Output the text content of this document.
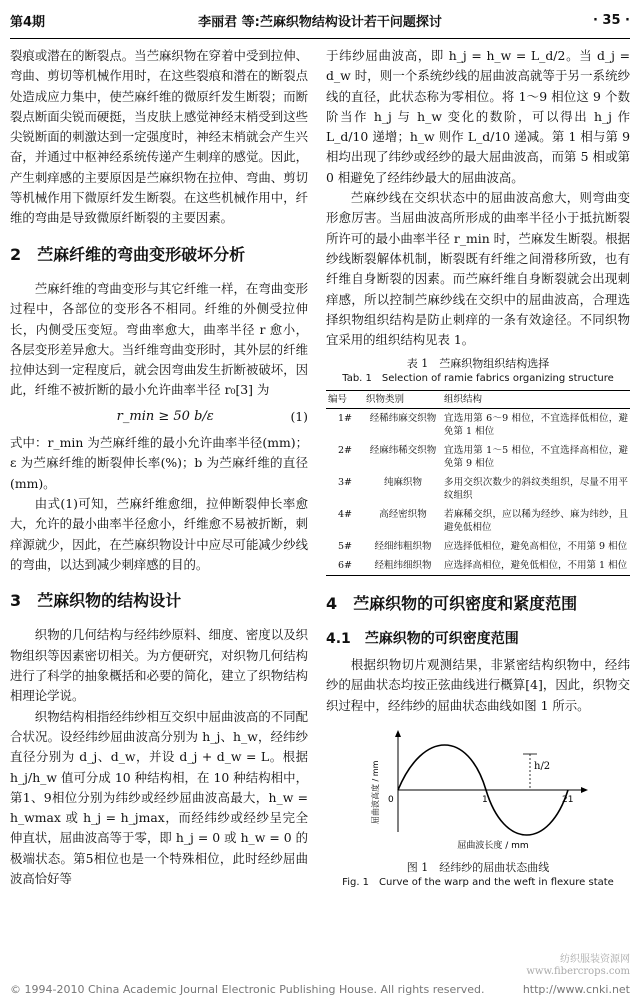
第4期	李丽君 等:苎麻织物结构设计若干问题探讨	· 35 ·

裂痕或潜在的断裂点。当苎麻织物在穿着中受到拉伸、弯曲、剪切等机械作用时，在这些裂痕和潜在的断裂点处造成应力集中，使苎麻纤维的微原纤发生断裂；而断裂点断面尖锐而硬挺，当皮肤上感觉神经末梢受到这些尖锐断面的刺激达到一定强度时，神经末梢就会产生兴奋，并通过中枢神经系统传递产生刺痒的感觉。因此，产生刺痒感的主要原因是苎麻织物在拉伸、弯曲、剪切等机械作用下微原纤发生断裂。在这些机械作用中，纤维的弯曲是导致微原纤断裂的主要因素。

2　苎麻纤维的弯曲变形破坏分析

苎麻纤维的弯曲变形与其它纤维一样，在弯曲变形过程中，各部位的变形各不相同。纤维的外侧受拉伸长，内侧受压变短。弯曲率愈大，曲率半径 r 愈小，各层变形差异愈大。当纤维弯曲变形时，其外层的纤维拉伸达到一定程度后，就会因弯曲发生折断被破坏，因此，纤维不被折断的最小允许曲率半径 r₀[3] 为

r_min ≥ 50 b/ε	(1)

式中：r_min 为苎麻纤维的最小允许曲率半径(mm)；ε 为苎麻纤维的断裂伸长率(%)；b 为苎麻纤维的直径(mm)。

由式(1)可知，苎麻纤维愈细，拉伸断裂伸长率愈大，允许的最小曲率半径愈小，纤维愈不易被折断，刺痒源就少，因此，在苎麻织物设计中应尽可能减少纱线的弯曲，以达到减少刺痒感的目的。

3　苎麻织物的结构设计

织物的几何结构与经纬纱原料、细度、密度以及织物组织等因素密切相关。为方便研究，对织物几何结构进行了科学的抽象概括和必要的简化，建立了织物结构相理论学说。

织物结构相指经纬纱相互交织中屈曲波高的不同配合状况。设经纬纱屈曲波高分别为 h_j、h_w，经纬纱直径分别为 d_j、d_w，并设 d_j + d_w = L。根据 h_j/h_w 值可分成 10 种结构相，在 10 种结构相中，第1、9相位分别为纬纱或经纱屈曲波高最大，h_w = h_wmax 或 h_j = h_jmax，而经纬纱或经纱呈完全伸直状，屈曲波高等于零，即 h_j = 0 或 h_w = 0 的极端状态。第5相位也是一个特殊相位，此时经纱屈曲波高恰好等

于纬纱屈曲波高，即 h_j = h_w = L_d/2。当 d_j = d_w 时，则一个系统纱线的屈曲波高就等于另一系统纱线的直径，此状态称为零相位。将 1～9 相位这 9 个数阶当作 h_j 与 h_w 变化的数阶，可以得出 h_j 作 L_d/10 递增；h_w 则作 L_d/10 递减。第 1 相与第 9 相均出现了纬纱或经纱的最大屈曲波高，而第 5 相或第 0 相避免了经纬纱最大的屈曲波高。

苎麻纱线在交织状态中的屈曲波高愈大，则弯曲变形愈厉害。当屈曲波高所形成的曲率半径小于抵抗断裂所许可的最小曲率半径 r_min 时，苎麻发生断裂。根据纱线断裂解体机制，断裂既有纤维之间滑移所致，也有纤维自身断裂的因素。而苎麻纤维自身断裂就会出现刺痒感，所以控制苎麻纱线在交织中的屈曲波高，合理选择织物组织结构是防止刺痒的一条有效途径。不同织物宜采用的组织结构见表 1。

表 1　苎麻织物组织结构选择
Tab. 1　Selection of ramie fabrics organizing structure
编号	织物类别	组织结构
1#	经稀纬麻交织物	宜选用第 6～9 相位，不宜选择低相位，避免第 1 相位
2#	经麻纬稀交织物	宜选用第 1～5 相位，不宜选择高相位，避免第 9 相位
3#	纯麻织物	多用交织次数少的斜纹类组织，尽量不用平纹组织
4#	高经密织物	若麻稀交织，应以稀为经纱、麻为纬纱，且避免低相位
5#	经细纬粗织物	应选择低相位，避免高相位，不用第 9 相位
6#	经粗纬细织物	应选择高相位，避免低相位，不用第 1 相位
4　苎麻织物的可织密度和紧度范围
4.1　苎麻织物的可织密度范围

根据织物切片观测结果，非紧密结构织物中，经纬纱的屈曲状态均按正弦曲线进行概算[4]，因此，织物交织过程中，经纬纱的屈曲状态曲线如图 1 所示。

h/2
0	1	21
屈曲波高度 / mm
屈曲波长度 / mm
图 1　经纬纱的屈曲状态曲线
Fig. 1　Curve of the warp and the weft in flexure state
© 1994-2010 China Academic Journal Electronic Publishing House. All rights reserved.	http://www.cnki.net
纺织服装资源网
www.fibercrops.com
